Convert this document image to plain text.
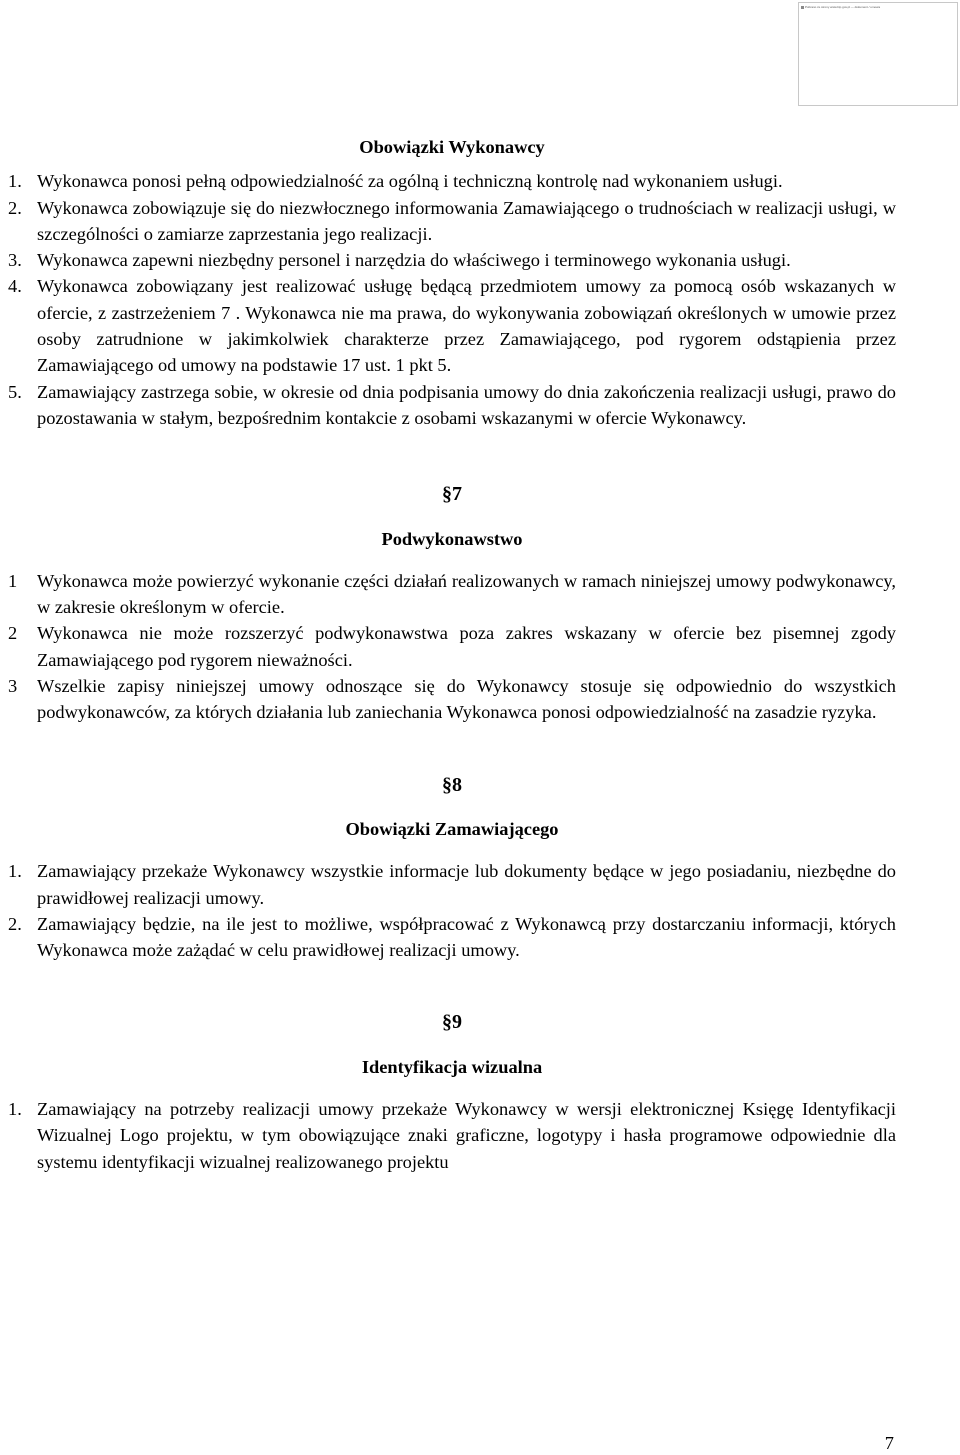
Pobrano ze strony www.bip.gov.pl — dokument / umowa

Obowiązki Wykonawcy

1. Wykonawca ponosi pełną odpowiedzialność za ogólną i techniczną kontrolę nad wykonaniem usługi.
2. Wykonawca zobowiązuje się do niezwłocznego informowania Zamawiającego o trudnościach w realizacji usługi, w szczególności o zamiarze zaprzestania jego realizacji.
3. Wykonawca zapewni niezbędny personel i narzędzia do właściwego i terminowego wykonania usługi.
4. Wykonawca zobowiązany jest realizować usługę będącą przedmiotem umowy za pomocą osób wskazanych w ofercie, z zastrzeżeniem 7 . Wykonawca nie ma prawa, do wykonywania zobowiązań określonych w umowie przez osoby zatrudnione w jakimkolwiek charakterze przez Zamawiającego, pod rygorem odstąpienia przez Zamawiającego od umowy na podstawie 17 ust. 1 pkt 5.
5. Zamawiający zastrzega sobie, w okresie od dnia podpisania umowy do dnia zakończenia realizacji usługi, prawo do pozostawania w stałym, bezpośrednim kontakcie z osobami wskazanymi w ofercie Wykonawcy.

§7

Podwykonawstwo

1 Wykonawca może powierzyć wykonanie części działań realizowanych w ramach niniejszej umowy podwykonawcy, w zakresie określonym w ofercie.
2 Wykonawca nie może rozszerzyć podwykonawstwa poza zakres wskazany w ofercie bez pisemnej zgody Zamawiającego pod rygorem nieważności.
3 Wszelkie zapisy niniejszej umowy odnoszące się do Wykonawcy stosuje się odpowiednio do wszystkich podwykonawców, za których działania lub zaniechania Wykonawca ponosi odpowiedzialność na zasadzie ryzyka.

§8

Obowiązki Zamawiającego

1. Zamawiający przekaże Wykonawcy wszystkie informacje lub dokumenty będące w jego posiadaniu, niezbędne do prawidłowej realizacji umowy.
2. Zamawiający będzie, na ile jest to możliwe, współpracować z Wykonawcą przy dostarczaniu informacji, których Wykonawca może zażądać w celu prawidłowej realizacji umowy.

§9

Identyfikacja wizualna

1. Zamawiający na potrzeby realizacji umowy przekaże Wykonawcy w wersji elektronicznej Księgę Identyfikacji Wizualnej Logo projektu, w tym obowiązujące znaki graficzne, logotypy i hasła programowe odpowiednie dla systemu identyfikacji wizualnej realizowanego projektu
7
